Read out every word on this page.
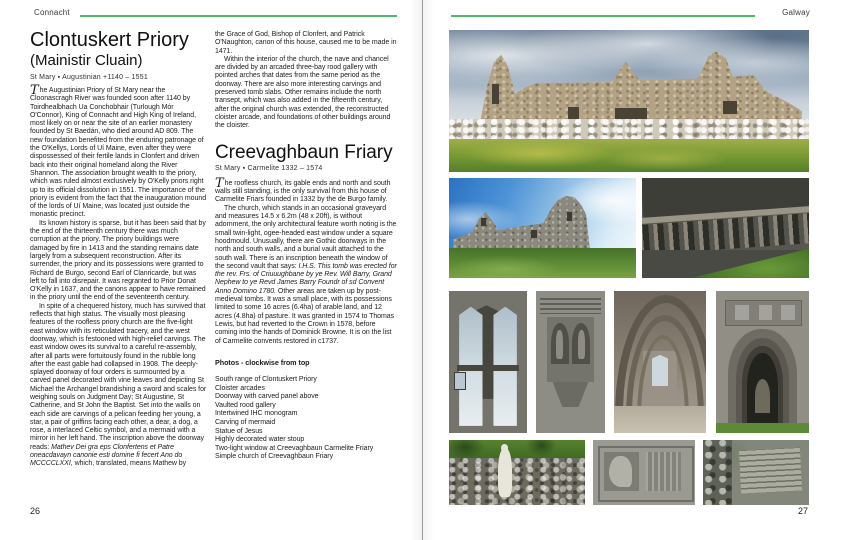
Connacht
Clontuskert Priory
(Mainistir Cluain)
St Mary ▪ Augustinian +1140 – 1551

The Augustinian Priory of St Mary near the Cloonascragh River was founded soon after 1140 by Toirdhealbhach Ua Conchobhair (Turlough Mór O'Connor), King of Connacht and High King of Ireland, most likely on or near the site of an earlier monastery founded by St Baedán, who died around AD 809. The new foundation benefited from the enduring patronage of the O'Kellys, Lords of Uí Maine, even after they were dispossessed of their fertile lands in Clonfert and driven back into their original homeland along the River Shannon. The association brought wealth to the priory, which was ruled almost exclusively by O'Kelly priors right up to its official dissolution in 1551. The importance of the priory is evident from the fact that the inauguration mound of the lords of Uí Maine, was located just outside the monastic precinct.

Its known history is sparse, but it has been said that by the end of the thirteenth century there was much corruption at the priory. The priory buildings were damaged by fire in 1413 and the standing remains date largely from a subsequent reconstruction. After its surrender, the priory and its possessions were granted to Richard de Burgo, second Earl of Clanricarde, but was left to fall into disrepair. It was regranted to Prior Donat O'Kelly in 1637, and the canons appear to have remained in the priory until the end of the seventeenth century.

In spite of a chequered history, much has survived that reflects that high status. The visually most pleasing features of the roofless priory church are the five-light east window with its reticulated tracery, and the west doorway, which is festooned with high-relief carvings. The east window owes its survival to a careful re-assembly, after all parts were fortuitously found in the rubble long after the east gable had collapsed in 1908. The deeply-splayed doorway of four orders is surmounted by a carved panel decorated with vine leaves and depicting St Michael the Archangel brandishing a sword and scales for weighing souls on Judgment Day; St Augustine, St Catherine, and St John the Baptist. Set into the walls on each side are carvings of a pelican feeding her young, a star, a pair of griffins facing each other, a dear, a dog, a rose, a interlaced Celtic symbol, and a mermaid with a mirror in her left hand. The inscription above the doorway reads: Mathev Dei gra eps Clonfertens et Patre oneacdavayn canonie esti domine fi fecert Ano do MCCCCLXXI, which, translated, means Mathew by

the Grace of God, Bishop of Clonfert, and Patrick O'Naughton, canon of this house, caused me to be made in 1471.

Within the interior of the church, the nave and chancel are divided by an arcaded three-bay rood gallery with pointed arches that dates from the same period as the doorway. There are also more interesting carvings and preserved tomb slabs. Other remains include the north transept, which was also added in the fifteenth century, after the original church was extended, the reconstructed cloister arcade, and foundations of other buildings around the cloister.

Creevaghbaun Friary
St Mary ▪ Carmelite 1332 – 1574

The roofless church, its gable ends and north and south walls still standing, is the only survival from this house of Carmelite Friars founded in 1332 by the de Burgo family.

The church, which stands in an occasional graveyard and measures 14.5 x 6.2m (48 x 20ft), is without adornment, the only architectural feature worth noting is the small twin-light, ogee-headed east window under a square hoodmould. Unusually, there are Gothic doorways in the north and south walls, and a burial vault attached to the south wall. There is an inscription beneath the window of the second vault that says: I.H.S. This tomb was erected for the rev. Frs. of Criuuughbane by ye Rev. Will Barry, Grand Nephew to ye Revd James Barry Foundr of sd Convent Anno Domino 1780. Other areas are taken up by post-medieval tombs. It was a small place, with its possessions limited to some 16 acres (6.4ha) of arable land, and 12 acres (4.8ha) of pasture. It was granted in 1574 to Thomas Lewis, but had reverted to the Crown in 1578, before coming into the hands of Dominick Browne. It is on the list of Carmelite convents restored in c1737.

Photos - clockwise from top
South range of Clontuskert Priory
Cloister arcades
Doorway with carved panel above
Vaulted rood gallery
Intertwined IHC monogram
Carving of mermaid
Statue of Jesus
Highly decorated water stoup
Two-light window at Creevaghbaun Carmelite Friary
Simple church of Creevaghbaun Friary
26
Galway
27
